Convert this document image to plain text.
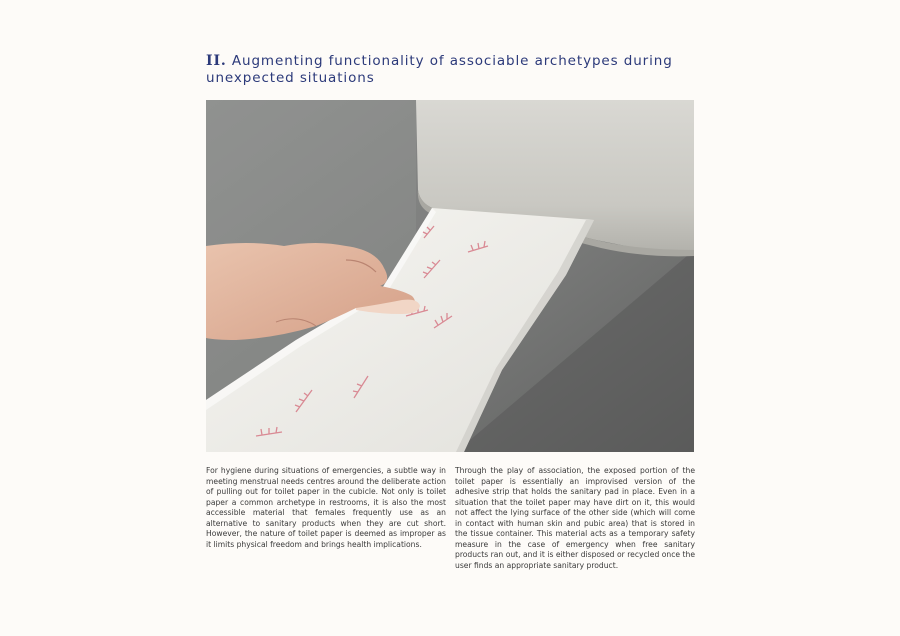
II. Augmenting functionality of associable archetypes during
unexpected situations

For hygiene during situations of emergencies, a subtle way in meeting menstrual needs centres around the deliberate action of pulling out for toilet paper in the cubicle. Not only is toilet paper a common archetype in restrooms, it is also the most accessible material that females frequently use as an alternative to sanitary products when they are cut short. However, the nature of toilet paper is deemed as improper as it limits physical freedom and brings health implications.

Through the play of association, the exposed portion of the toilet paper is essentially an improvised version of the adhesive strip that holds the sanitary pad in place. Even in a situation that the toilet paper may have dirt on it, this would not affect the lying surface of the other side (which will come in contact with human skin and pubic area) that is stored in the tissue container. This material acts as a temporary safety measure in the case of emergency when free sanitary products ran out, and it is either disposed or recycled once the user finds an appropriate sanitary product.
